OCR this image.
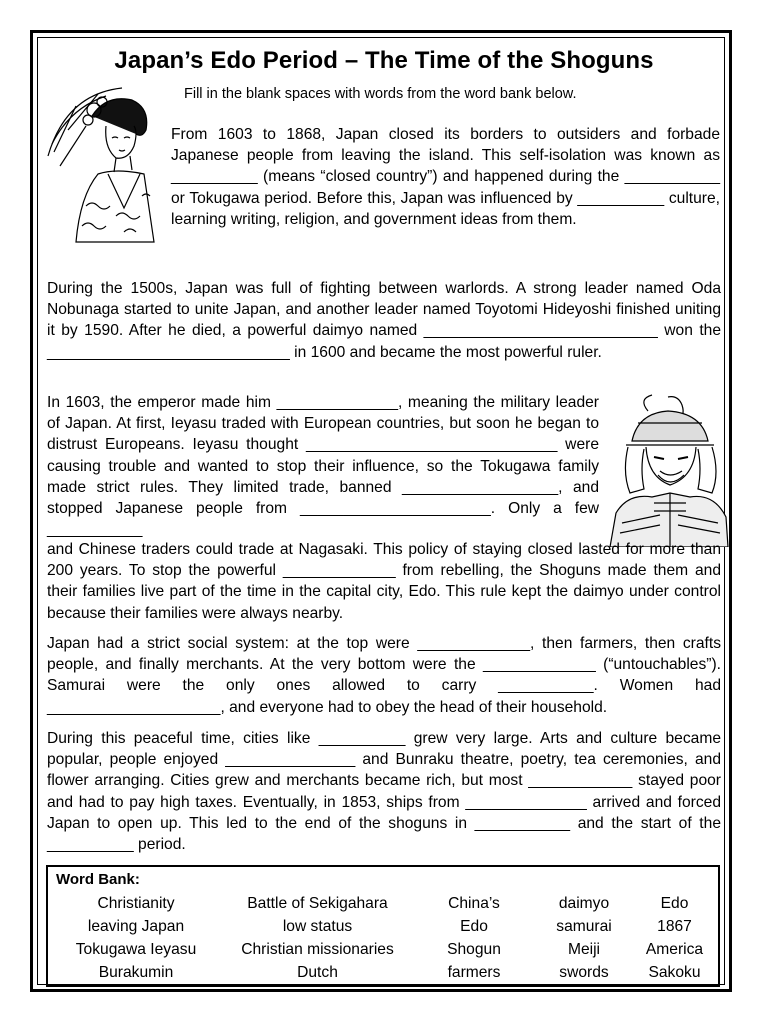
Japan’s Edo Period – The Time of the Shoguns
Fill in the blank spaces with words from the word bank below.

From 1603 to 1868, Japan closed its borders to outsiders and forbade Japanese people from leaving the island. This self-isolation was known as __________ (means “closed country”) and happened during the ___________ or Tokugawa period. Before this, Japan was influenced by __________ culture, learning writing, religion, and government ideas from them.

During the 1500s, Japan was full of fighting between warlords. A strong leader named Oda Nobunaga started to unite Japan, and another leader named Toyotomi Hideyoshi finished uniting it by 1590. After he died, a powerful daimyo named ___________________________ won the ____________________________ in 1600 and became the most powerful ruler.

In 1603, the emperor made him ______________, meaning the military leader of Japan. At first, Ieyasu traded with European countries, but soon he began to distrust Europeans. Ieyasu thought _____________________________ were causing trouble and wanted to stop their influence, so the Tokugawa family made strict rules. They limited trade, banned __________________, and stopped Japanese people from ______________________. Only a few ___________

and Chinese traders could trade at Nagasaki. This policy of staying closed lasted for more than 200 years. To stop the powerful _____________ from rebelling, the Shoguns made them and their families live part of the time in the capital city, Edo. This rule kept the daimyo under control because their families were always nearby.

Japan had a strict social system: at the top were _____________, then farmers, then crafts people, and finally merchants. At the very bottom were the _____________ (“untouchables”). Samurai were the only ones allowed to carry ___________. Women had ____________________, and everyone had to obey the head of their household.

During this peaceful time, cities like __________ grew very large. Arts and culture became popular, people enjoyed _______________ and Bunraku theatre, poetry, tea ceremonies, and flower arranging. Cities grew and merchants became rich, but most ____________ stayed poor and had to pay high taxes. Eventually, in 1853, ships from ______________ arrived and forced Japan to open up. This led to the end of the shoguns in ___________ and the start of the __________ period.

Word Bank:
Christianity	Battle of Sekigahara	China’s	daimyo	Edo
leaving Japan	low status	Edo	samurai	1867
Tokugawa Ieyasu	Christian missionaries	Shogun	Meiji	America
Burakumin	Dutch	farmers	swords	Sakoku
